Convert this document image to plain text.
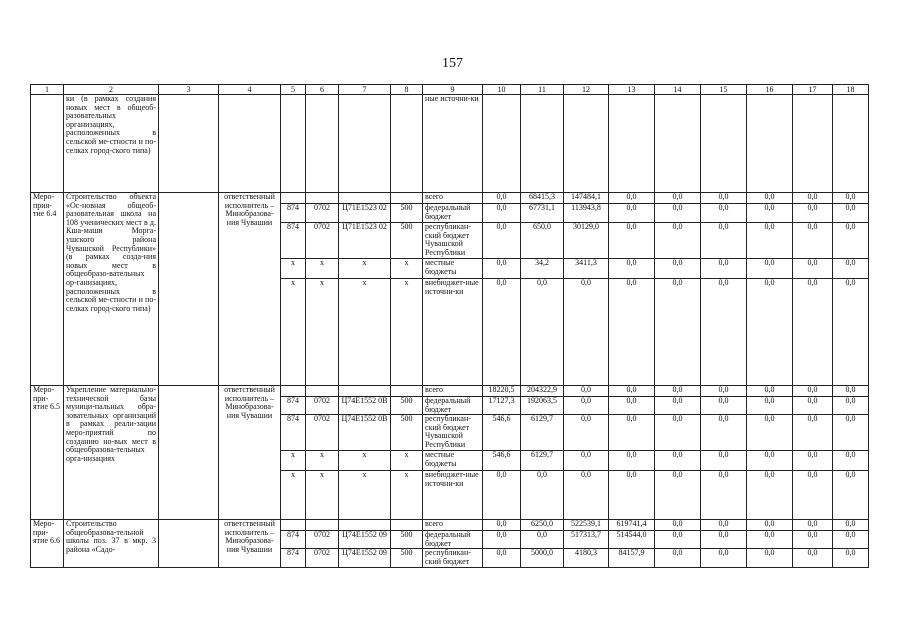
157
1	2	3	4	5	6	7	8	9	10	11	12	13	14	15	16	17	18
	ки (в рамках создания новых мест в общеоб-разовательных организациях, расположенных в сельской ме-стности и по-селках город-ского типа)							ные источни-ки									
Меро-прия-тие 6.4	Строительство объекта «Ос-новная общеоб-разовательная школа на 108 ученических мест в д. Кша-маши Морга-ушского района Чувашской Республики» (в рамках созда-ния новых мест в общеобразо-вательных ор-ганизациях, расположенных в сельской ме-стности и по-селках город-ского типа)		ответственный исполнитель – Минобразова-ния Чувашии					всего	0,0	68415,3	147484,1	0,0	0,0	0,0	0,0	0,0	0,0
				874	0702	Ц71Е1523 02	500	федеральный бюджет	0,0	67731,1	113943,8	0,0	0,0	0,0	0,0	0,0	0,0
				874	0702	Ц71Е1523 02	500	республикан-ский бюджет Чувашской Республики	0,0	650,0	30129,0	0,0	0,0	0,0	0,0	0,0	0,0
				x	x	x	x	местные бюджеты	0,0	34,2	3411,3	0,0	0,0	0,0	0,0	0,0	0,0
				x	x	x	x	внебюджет-ные источни-ки	0,0	0,0	0,0	0,0	0,0	0,0	0,0	0,0	0,0
Меро-при-ятие 6.5	Укрепление материально-технической базы муници-пальных обра-зовательных организаций в рамках реали-зации меро-приятий по созданию но-вых мест в общеобразова-тельных орга-низациях		ответственный исполнитель – Минобразова-ния Чувашии					всего	18220,5	204322,9	0,0	0,0	0,0	0,0	0,0	0,0	0,0
				874	0702	Ц74Е1552 0В	500	федеральный бюджет	17127,3	192063,5	0,0	0,0	0,0	0,0	0,0	0,0	0,0
				874	0702	Ц74Е1552 0В	500	республикан-ский бюджет Чувашской Республики	546,6	6129,7	0,0	0,0	0,0	0,0	0,0	0,0	0,0
				x	x	x	x	местные бюджеты	546,6	6129,7	0,0	0,0	0,0	0,0	0,0	0,0	0,0
				x	x	x	x	внебюджет-ные источни-ки	0,0	0,0	0,0	0,0	0,0	0,0	0,0	0,0	0,0
Меро-при-ятие 6.6	Строительство общеобразова-тельной школы поз. 37 в мкр. 3 района «Садо-		ответственный исполнитель – Минобразова-ния Чувашии					всего	0,0	6250,0	522539,1	619741,4	0,0	0,0	0,0	0,0	0,0
				874	0702	Ц74Е1552 09	500	федеральный бюджет	0,0	0,0	517313,7	514544,0	0,0	0,0	0,0	0,0	0,0
				874	0702	Ц74Е1552 09	500	республикан-ский бюджет	0,0	5000,0	4180,3	84157,9	0,0	0,0	0,0	0,0	0,0
